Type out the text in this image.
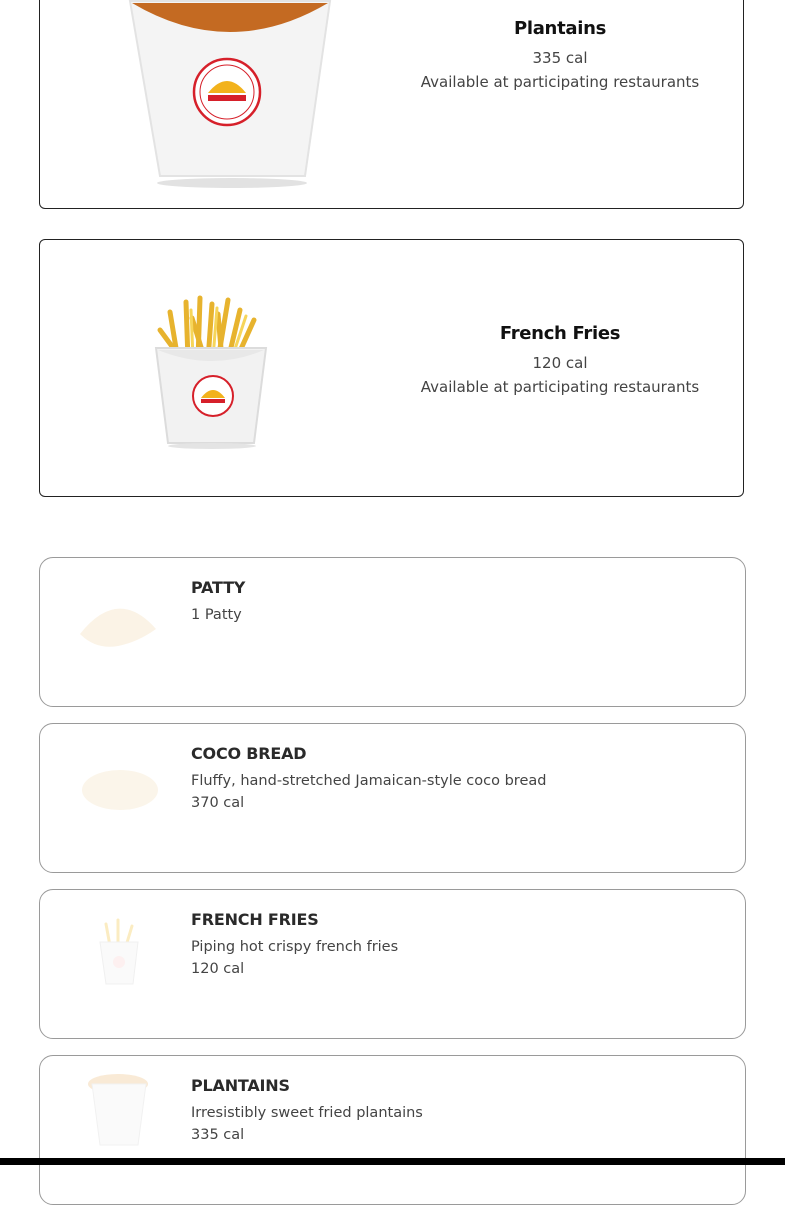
Plantains
335 cal
Available at participating restaurants
French Fries
120 cal
Available at participating restaurants
PATTY
1 Patty
COCO BREAD
Fluffy, hand-stretched Jamaican-style coco bread
370 cal
FRENCH FRIES
Piping hot crispy french fries
120 cal
PLANTAINS
Irresistibly sweet fried plantains
335 cal
